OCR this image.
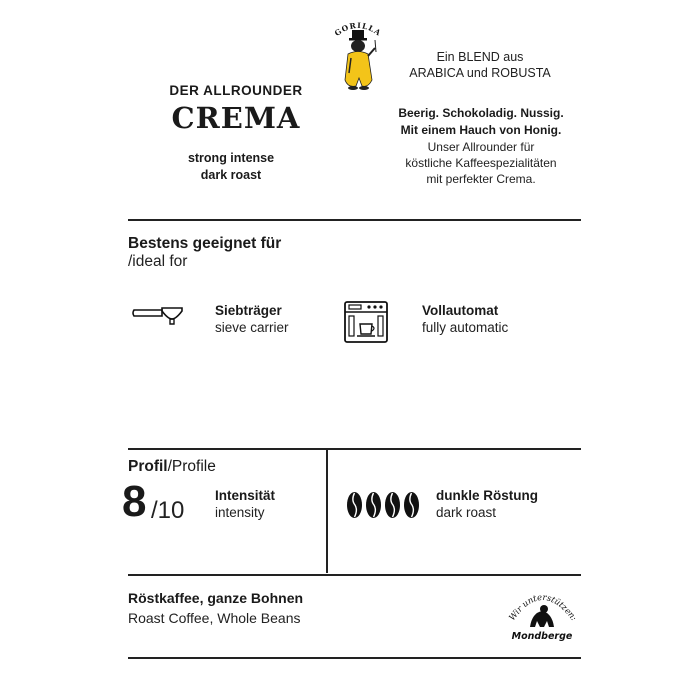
GORILLA
Ein BLEND aus
ARABICA und ROBUSTA
DER ALLROUNDER
CREMA
strong intense
dark roast
Beerig. Schokoladig. Nussig.
Mit einem Hauch von Honig.
Unser Allrounder für
köstliche Kaffeespezialitäten
mit perfekter Crema.
Bestens geeignet für
/ideal for
Siebträger
sieve carrier
Vollautomat
fully automatic
Profil/Profile
8 /10
Intensität
intensity
dunkle Röstung
dark roast
Röstkaffee, ganze Bohnen
Roast Coffee, Whole Beans	Wir unterstützen:
Mondberge
